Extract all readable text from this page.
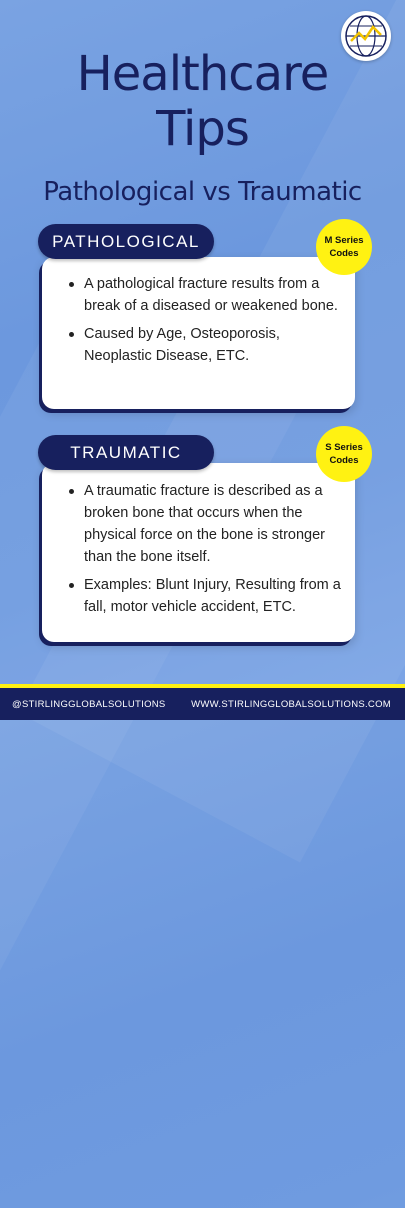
Healthcare
Tips
Pathological vs Traumatic
PATHOLOGICAL	M Series Codes
A pathological fracture results from a break of a diseased or weakened bone.
Caused by Age, Osteoporosis, Neoplastic Disease, ETC.
TRAUMATIC	S Series Codes
A traumatic fracture is described as a broken bone that occurs when the physical force on the bone is stronger than the bone itself.
Examples: Blunt Injury, Resulting from a fall, motor vehicle accident, ETC.
@STIRLINGGLOBALSOLUTIONS	WWW.STIRLINGGLOBALSOLUTIONS.COM
